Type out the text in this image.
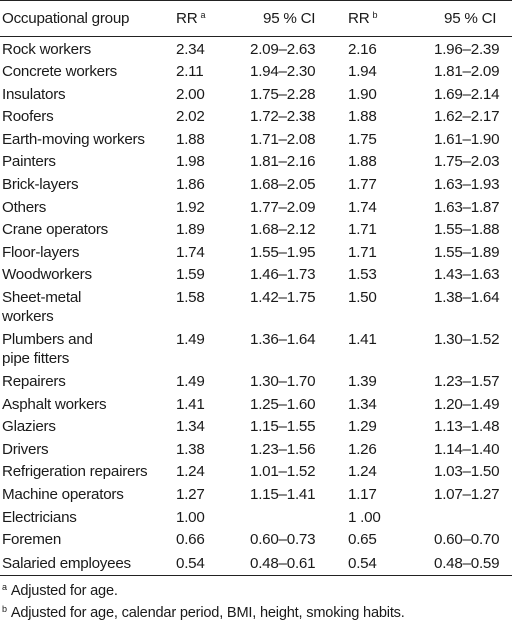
Occupational group	RR $^a$	95 % CI	RR $^b$	95 % CI
Rock workers	2.34	2.09–2.63	2.16	1.96–2.39
Concrete workers	2.11	1.94–2.30	1.94	1.81–2.09
Insulators	2.00	1.75–2.28	1.90	1.69–2.14
Roofers	2.02	1.72–2.38	1.88	1.62–2.17
Earth-moving workers	1.88	1.71–2.08	1.75	1.61–1.90
Painters	1.98	1.81–2.16	1.88	1.75–2.03
Brick-layers	1.86	1.68–2.05	1.77	1.63–1.93
Others	1.92	1.77–2.09	1.74	1.63–1.87
Crane operators	1.89	1.68–2.12	1.71	1.55–1.88
Floor-layers	1.74	1.55–1.95	1.71	1.55–1.89
Woodworkers	1.59	1.46–1.73	1.53	1.43–1.63

Sheet-metal
workers	1.58	1.42–1.75	1.50	1.38–1.64

Plumbers and
pipe fitters	1.49	1.36–1.64	1.41	1.30–1.52
Repairers	1.49	1.30–1.70	1.39	1.23–1.57
Asphalt workers	1.41	1.25–1.60	1.34	1.20–1.49
Glaziers	1.34	1.15–1.55	1.29	1.13–1.48
Drivers	1.38	1.23–1.56	1.26	1.14–1.40
Refrigeration repairers	1.24	1.01–1.52	1.24	1.03–1.50
Machine operators	1.27	1.15–1.41	1.17	1.07–1.27
Electricians	1.00		1 .00	
Foremen	0.66	0.60–0.73	0.65	0.60–0.70
Salaried employees	0.54	0.48–0.61	0.54	0.48–0.59
$^a$ Adjusted for age.
$^b$ Adjusted for age, calendar period, BMI, height, smoking habits.
